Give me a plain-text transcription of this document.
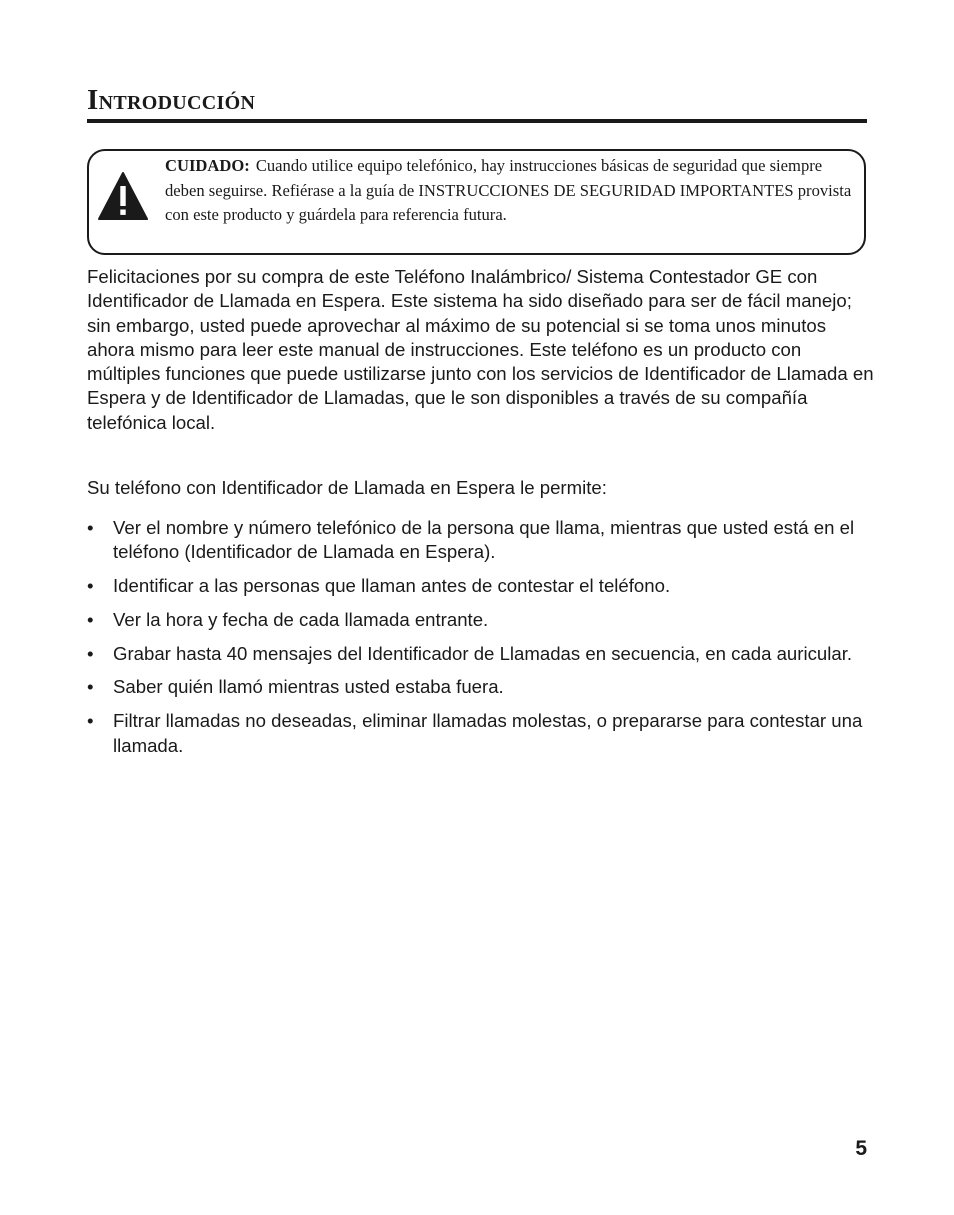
Introducción

CUIDADO: Cuando utilice equipo telefónico, hay instrucciones básicas de seguridad que siempre deben seguirse. Refiérase a la guía de INSTRUCCIONES DE SEGURIDAD IMPORTANTES provista con este producto y guárdela para referencia futura.

Felicitaciones por su compra de este Teléfono Inalámbrico/ Sistema Contestador GE con Identificador de Llamada en Espera. Este sistema ha sido diseñado para ser de fácil manejo; sin embargo, usted puede aprovechar al máximo de su potencial si se toma unos minutos ahora mismo para leer este manual de instrucciones. Este teléfono es un producto con múltiples funciones que puede ustilizarse junto con los servicios de Identificador de Llamada en Espera y de Identificador de Llamadas, que le son disponibles a través de su compañía telefónica local.

Su teléfono con Identificador de Llamada en Espera le permite:

• Ver el nombre y número telefónico de la persona que llama, mientras que usted está en el teléfono (Identificador de Llamada en Espera).
• Identificar a las personas que llaman antes de contestar el teléfono.
• Ver la hora y fecha de cada llamada entrante.
• Grabar hasta 40 mensajes del Identificador de Llamadas en secuencia, en cada auricular.
• Saber quién llamó mientras usted estaba fuera.
• Filtrar llamadas no deseadas, eliminar llamadas molestas, o prepararse para contestar una llamada.

5
